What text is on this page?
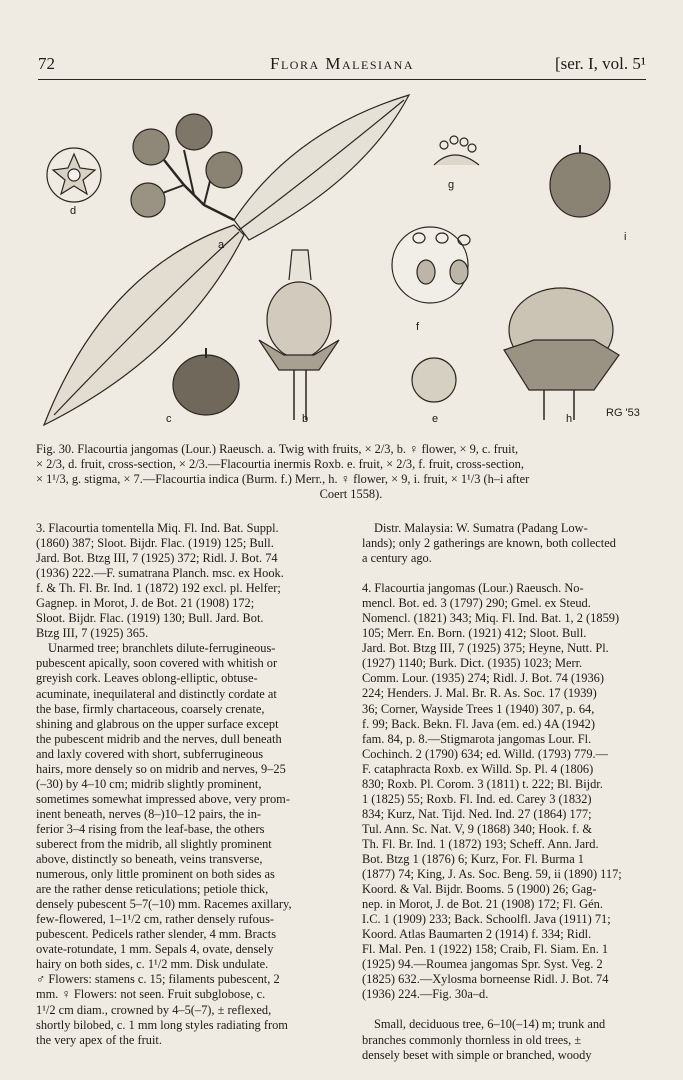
72	Flora Malesiana	[ser. I, vol. 5¹
d
a
c	b	e
f
g
i
h	RG '53
Fig. 30. Flacourtia jangomas (Lour.) Raeusch. a. Twig with fruits, × 2/3, b. ♀ flower, × 9, c. fruit,
× 2/3, d. fruit, cross-section, × 2/3.—Flacourtia inermis Roxb. e. fruit, × 2/3, f. fruit, cross-section,
× 1¹/3, g. stigma, × 7.—Flacourtia indica (Burm. f.) Merr., h. ♀ flower, × 9, i. fruit, × 1¹/3 (h–i after
Coert 1558).

3. Flacourtia tomentella Miq. Fl. Ind. Bat. Suppl.

(1860) 387; Sloot. Bijdr. Flac. (1919) 125; Bull.

Jard. Bot. Btzg III, 7 (1925) 372; Ridl. J. Bot. 74

(1936) 222.—F. sumatrana Planch. msc. ex Hook.

f. & Th. Fl. Br. Ind. 1 (1872) 192 excl. pl. Helfer;

Gagnep. in Morot, J. de Bot. 21 (1908) 172;

Sloot. Bijdr. Flac. (1919) 130; Bull. Jard. Bot.

Btzg III, 7 (1925) 365.

Unarmed tree; branchlets dilute-ferrugineous-

pubescent apically, soon covered with whitish or

greyish cork. Leaves oblong-elliptic, obtuse-

acuminate, inequilateral and distinctly cordate at

the base, firmly chartaceous, coarsely crenate,

shining and glabrous on the upper surface except

the pubescent midrib and the nerves, dull beneath

and laxly covered with short, subferrugineous

hairs, more densely so on midrib and nerves, 9–25

(–30) by 4–10 cm; midrib slightly prominent,

sometimes somewhat impressed above, very prom-

inent beneath, nerves (8–)10–12 pairs, the in-

ferior 3–4 rising from the leaf-base, the others

suberect from the midrib, all slightly prominent

above, distinctly so beneath, veins transverse,

numerous, only little prominent on both sides as

are the rather dense reticulations; petiole thick,

densely pubescent 5–7(–10) mm. Racemes axillary,

few-flowered, 1–1¹/2 cm, rather densely rufous-

pubescent. Pedicels rather slender, 4 mm. Bracts

ovate-rotundate, 1 mm. Sepals 4, ovate, densely

hairy on both sides, c. 1¹/2 mm. Disk undulate.

♂ Flowers: stamens c. 15; filaments pubescent, 2

mm. ♀ Flowers: not seen. Fruit subglobose, c.

1¹/2 cm diam., crowned by 4–5(–7), ± reflexed,

shortly bilobed, c. 1 mm long styles radiating from

the very apex of the fruit.

Distr. Malaysia: W. Sumatra (Padang Low-

lands); only 2 gatherings are known, both collected

a century ago.

4. Flacourtia jangomas (Lour.) Raeusch. No-

mencl. Bot. ed. 3 (1797) 290; Gmel. ex Steud.

Nomencl. (1821) 343; Miq. Fl. Ind. Bat. 1, 2 (1859)

105; Merr. En. Born. (1921) 412; Sloot. Bull.

Jard. Bot. Btzg III, 7 (1925) 375; Heyne, Nutt. Pl.

(1927) 1140; Burk. Dict. (1935) 1023; Merr.

Comm. Lour. (1935) 274; Ridl. J. Bot. 74 (1936)

224; Henders. J. Mal. Br. R. As. Soc. 17 (1939)

36; Corner, Wayside Trees 1 (1940) 307, p. 64,

f. 99; Back. Bekn. Fl. Java (em. ed.) 4A (1942)

fam. 84, p. 8.—Stigmarota jangomas Lour. Fl.

Cochinch. 2 (1790) 634; ed. Willd. (1793) 779.—

F. cataphracta Roxb. ex Willd. Sp. Pl. 4 (1806)

830; Roxb. Pl. Corom. 3 (1811) t. 222; Bl. Bijdr.

1 (1825) 55; Roxb. Fl. Ind. ed. Carey 3 (1832)

834; Kurz, Nat. Tijd. Ned. Ind. 27 (1864) 177;

Tul. Ann. Sc. Nat. V, 9 (1868) 340; Hook. f. &

Th. Fl. Br. Ind. 1 (1872) 193; Scheff. Ann. Jard.

Bot. Btzg 1 (1876) 6; Kurz, For. Fl. Burma 1

(1877) 74; King, J. As. Soc. Beng. 59, ii (1890) 117;

Koord. & Val. Bijdr. Booms. 5 (1900) 26; Gag-

nep. in Morot, J. de Bot. 21 (1908) 172; Fl. Gén.

I.C. 1 (1909) 233; Back. Schoolfl. Java (1911) 71;

Koord. Atlas Baumarten 2 (1914) f. 334; Ridl.

Fl. Mal. Pen. 1 (1922) 158; Craib, Fl. Siam. En. 1

(1925) 94.—Roumea jangomas Spr. Syst. Veg. 2

(1825) 632.—Xylosma borneense Ridl. J. Bot. 74

(1936) 224.—Fig. 30a–d.

Small, deciduous tree, 6–10(–14) m; trunk and

branches commonly thornless in old trees, ±

densely beset with simple or branched, woody
